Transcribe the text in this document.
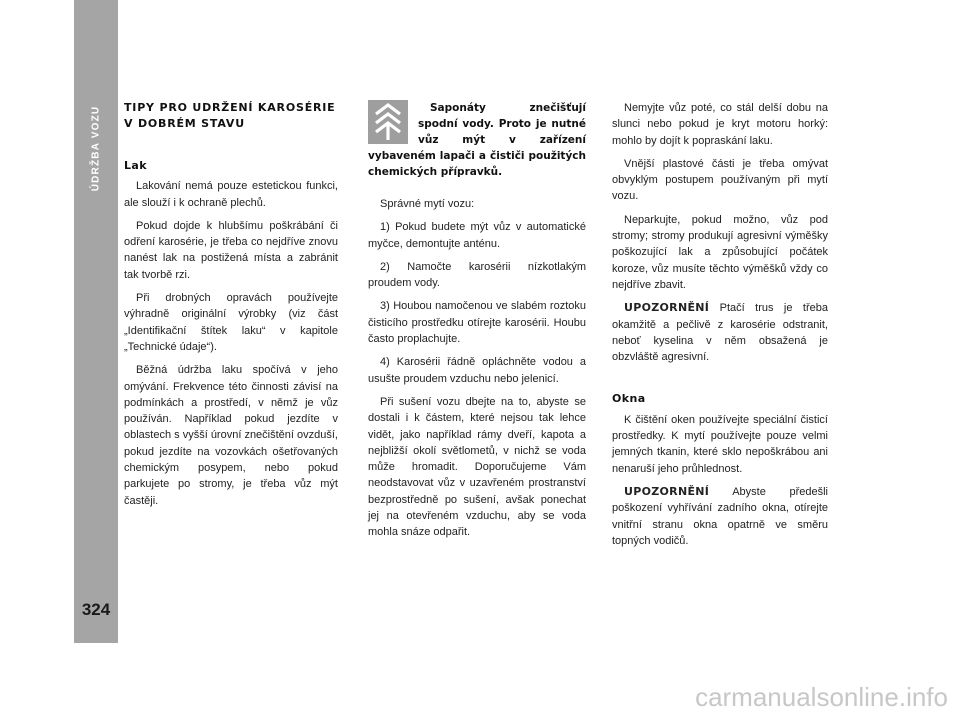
ÚDRŽBA VOZU
324
TIPY PRO UDRŽENÍ KAROSÉRIE
V DOBRÉM STAVU
Lak

Lakování nemá pouze estetickou funkci, ale slouží i k ochraně plechů.

Pokud dojde k hlubšímu poškrábání či odření karosérie, je třeba co nejdříve znovu nanést lak na postižená místa a zabránit tak tvorbě rzi.

Při drobných opravách používejte výhradně originální výrobky (viz část „Identifikační štítek laku“ v kapitole „Technické údaje“).

Běžná údržba laku spočívá v jeho omývání. Frekvence této činnosti závisí na podmínkách a prostředí, v němž je vůz používán. Například pokud jezdíte v oblastech s vyšší úrovní znečištění ovzduší, pokud jezdíte na vozovkách ošetřovaných chemickým posypem, nebo pokud parkujete po stromy, je třeba vůz mýt častěji.

Saponáty znečišťují spodní vody. Proto je nutné vůz mýt v zařízení vybaveném lapači a čističi použitých chemických přípravků.

Správné mytí vozu:

1) Pokud budete mýt vůz v automatické myčce, demontujte anténu.

2) Namočte karosérii nízkotlakým proudem vody.

3) Houbou namočenou ve slabém roztoku čisticího prostředku otírejte karosérii. Houbu často proplachujte.

4) Karosérii řádně opláchněte vodou a usušte proudem vzduchu nebo jelenicí.

Při sušení vozu dbejte na to, abyste se dostali i k částem, které nejsou tak lehce vidět, jako například rámy dveří, kapota a nejbližší okolí světlometů, v nichž se voda může hromadit. Doporučujeme Vám neodstavovat vůz v uzavřeném prostranství bezprostředně po sušení, avšak ponechat jej na otevřeném vzduchu, aby se voda mohla snáze odpařit.

Nemyjte vůz poté, co stál delší dobu na slunci nebo pokud je kryt motoru horký: mohlo by dojít k popraskání laku.

Vnější plastové části je třeba omývat obvyklým postupem používaným při mytí vozu.

Neparkujte, pokud možno, vůz pod stromy; stromy produkují agresivní výměšky poškozující lak a způsobující počátek koroze, vůz musíte těchto výměšků vždy co nejdříve zbavit.

UPOZORNĚNÍ Ptačí trus je třeba okamžitě a pečlivě z karosérie odstranit, neboť kyselina v něm obsažená je obzvláště agresivní.

Okna

K čištění oken používejte speciální čisticí prostředky. K mytí používejte pouze velmi jemných tkanin, které sklo nepoškrábou ani nenaruší jeho průhlednost.

UPOZORNĚNÍ Abyste předešli poškození vyhřívání zadního okna, otírejte vnitřní stranu okna opatrně ve směru topných vodičů.

carmanualsonline.info
